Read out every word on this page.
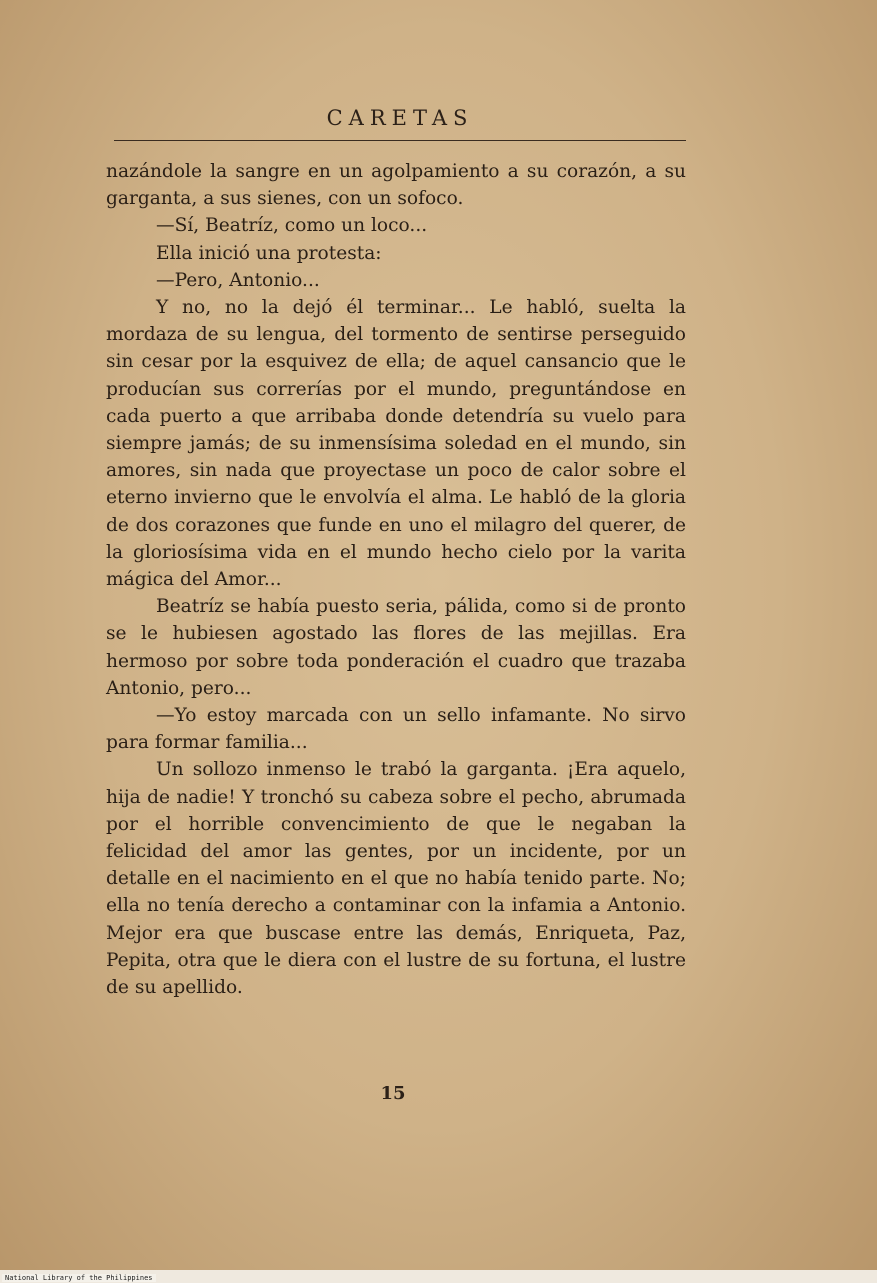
CARETAS

nazándole la sangre en un agolpamiento a su corazón, a su garganta, a sus sienes, con un sofoco.

—Sí, Beatríz, como un loco...

Ella inició una protesta:

—Pero, Antonio...

Y no, no la dejó él terminar... Le habló, suelta la mordaza de su lengua, del tormento de sentirse perseguido sin cesar por la esquivez de ella; de aquel cansancio que le producían sus correrías por el mundo, preguntándose en cada puerto a que arribaba donde detendría su vuelo para siempre jamás; de su inmensísima soledad en el mundo, sin amores, sin nada que proyectase un poco de calor sobre el eterno invierno que le envolvía el alma. Le habló de la gloria de dos corazones que funde en uno el milagro del querer, de la gloriosísima vida en el mundo hecho cielo por la varita mágica del Amor...

Beatríz se había puesto seria, pálida, como si de pronto se le hubiesen agostado las flores de las mejillas. Era hermoso por sobre toda ponderación el cuadro que trazaba Antonio, pero...

—Yo estoy marcada con un sello infamante. No sirvo para formar familia...

Un sollozo inmenso le trabó la garganta. ¡Era aquelo, hija de nadie! Y tronchó su cabeza sobre el pecho, abrumada por el horrible convencimiento de que le negaban la felicidad del amor las gentes, por un incidente, por un detalle en el nacimiento en el que no había tenido parte. No; ella no tenía derecho a contaminar con la infamia a Antonio. Mejor era que buscase entre las demás, Enriqueta, Paz, Pepita, otra que le diera con el lustre de su fortuna, el lustre de su apellido.

15
National Library of the Philippines
